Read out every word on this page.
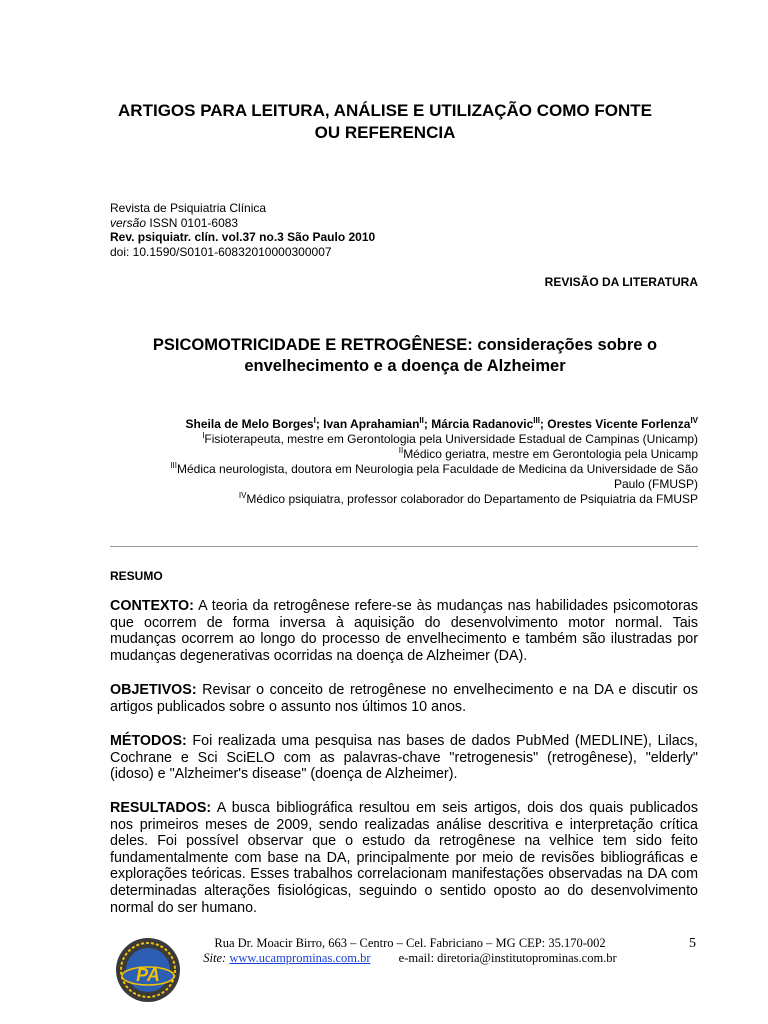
ARTIGOS PARA LEITURA, ANÁLISE E UTILIZAÇÃO COMO FONTE
OU REFERENCIA
Revista de Psiquiatria Clínica
versão ISSN 0101-6083
Rev. psiquiatr. clín. vol.37 no.3 São Paulo 2010
doi: 10.1590/S0101-60832010000300007
REVISÃO DA LITERATURA
PSICOMOTRICIDADE E RETROGÊNESE: considerações sobre o
envelhecimento e a doença de Alzheimer
Sheila de Melo Borges$^I$; Ivan Aprahamian$^{II}$; Márcia Radanovic$^{III}$; Orestes Vicente Forlenza$^{IV}$
$^I$Fisioterapeuta, mestre em Gerontologia pela Universidade Estadual de Campinas (Unicamp)
$^{II}$Médico geriatra, mestre em Gerontologia pela Unicamp
$^{III}$Médica neurologista, doutora em Neurologia pela Faculdade de Medicina da Universidade de São
Paulo (FMUSP)
$^{IV}$Médico psiquiatra, professor colaborador do Departamento de Psiquiatria da FMUSP
RESUMO
CONTEXTO: A teoria da retrogênese refere-se às mudanças nas habilidades psicomotoras que ocorrem de forma inversa à aquisição do desenvolvimento motor normal. Tais mudanças ocorrem ao longo do processo de envelhecimento e também são ilustradas por mudanças degenerativas ocorridas na doença de Alzheimer (DA).
OBJETIVOS: Revisar o conceito de retrogênese no envelhecimento e na DA e discutir os artigos publicados sobre o assunto nos últimos 10 anos.
MÉTODOS: Foi realizada uma pesquisa nas bases de dados PubMed (MEDLINE), Lilacs, Cochrane e Sci SciELO com as palavras-chave "retrogenesis" (retrogênese), "elderly" (idoso) e "Alzheimer's disease" (doença de Alzheimer).
RESULTADOS: A busca bibliográfica resultou em seis artigos, dois dos quais publicados nos primeiros meses de 2009, sendo realizadas análise descritiva e interpretação crítica deles. Foi possível observar que o estudo da retrogênese na velhice tem sido feito fundamentalmente com base na DA, principalmente por meio de revisões bibliográficas e explorações teóricas. Esses trabalhos correlacionam manifestações observadas na DA com determinadas alterações fisiológicas, seguindo o sentido oposto ao do desenvolvimento normal do ser humano.
PA
Rua Dr. Moacir Birro, 663 – Centro – Cel. Fabriciano – MG CEP: 35.170-002
Site: www.ucamprominas.com.br e-mail: diretoria@institutoprominas.com.br
5
